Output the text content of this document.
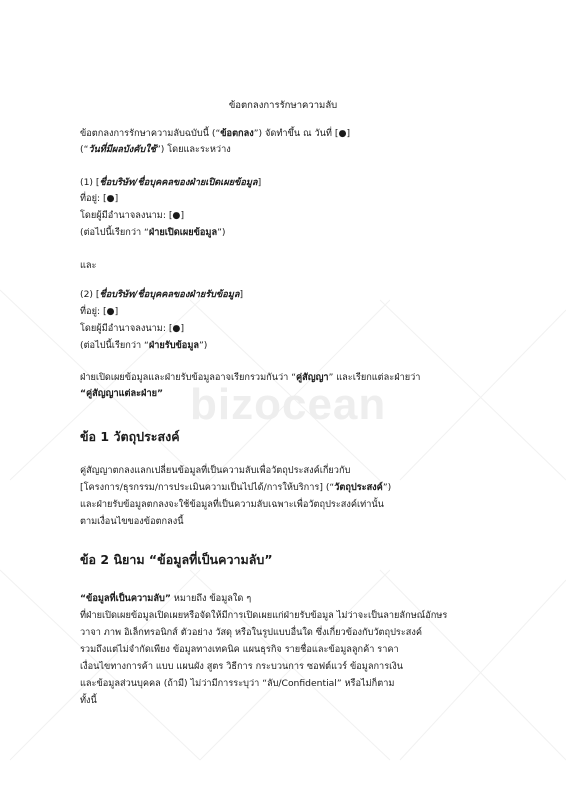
bizocean
ข้อตกลงการรักษาความลับ
ข้อตกลงการรักษาความลับฉบับนี้ (“ข้อตกลง”) จัดทำขึ้น ณ วันที่ [●]
(“วันที่มีผลบังคับใช้”) โดยและระหว่าง
(1) [ชื่อบริษัท/ชื่อบุคคลของฝ่ายเปิดเผยข้อมูล]
ที่อยู่: [●]
โดยผู้มีอำนาจลงนาม: [●]
(ต่อไปนี้เรียกว่า “ฝ่ายเปิดเผยข้อมูล”)
และ
(2) [ชื่อบริษัท/ชื่อบุคคลของฝ่ายรับข้อมูล]
ที่อยู่: [●]
โดยผู้มีอำนาจลงนาม: [●]
(ต่อไปนี้เรียกว่า “ฝ่ายรับข้อมูล”)
ฝ่ายเปิดเผยข้อมูลและฝ่ายรับข้อมูลอาจเรียกรวมกันว่า “คู่สัญญา” และเรียกแต่ละฝ่ายว่า
“คู่สัญญาแต่ละฝ่าย”
ข้อ 1 วัตถุประสงค์
คู่สัญญาตกลงแลกเปลี่ยนข้อมูลที่เป็นความลับเพื่อวัตถุประสงค์เกี่ยวกับ
[โครงการ/ธุรกรรม/การประเมินความเป็นไปได้/การให้บริการ] (“วัตถุประสงค์”)
และฝ่ายรับข้อมูลตกลงจะใช้ข้อมูลที่เป็นความลับเฉพาะเพื่อวัตถุประสงค์เท่านั้น
ตามเงื่อนไขของข้อตกลงนี้
ข้อ 2 นิยาม “ข้อมูลที่เป็นความลับ”
“ข้อมูลที่เป็นความลับ” หมายถึง ข้อมูลใด ๆ
ที่ฝ่ายเปิดเผยข้อมูลเปิดเผยหรือจัดให้มีการเปิดเผยแก่ฝ่ายรับข้อมูล ไม่ว่าจะเป็นลายลักษณ์อักษร
วาจา ภาพ อิเล็กทรอนิกส์ ตัวอย่าง วัสดุ หรือในรูปแบบอื่นใด ซึ่งเกี่ยวข้องกับวัตถุประสงค์
รวมถึงแต่ไม่จำกัดเพียง ข้อมูลทางเทคนิค แผนธุรกิจ รายชื่อและข้อมูลลูกค้า ราคา
เงื่อนไขทางการค้า แบบ แผนผัง สูตร วิธีการ กระบวนการ ซอฟต์แวร์ ข้อมูลการเงิน
และข้อมูลส่วนบุคคล (ถ้ามี) ไม่ว่ามีการระบุว่า “ลับ/Confidential” หรือไม่ก็ตาม
ทั้งนี้
